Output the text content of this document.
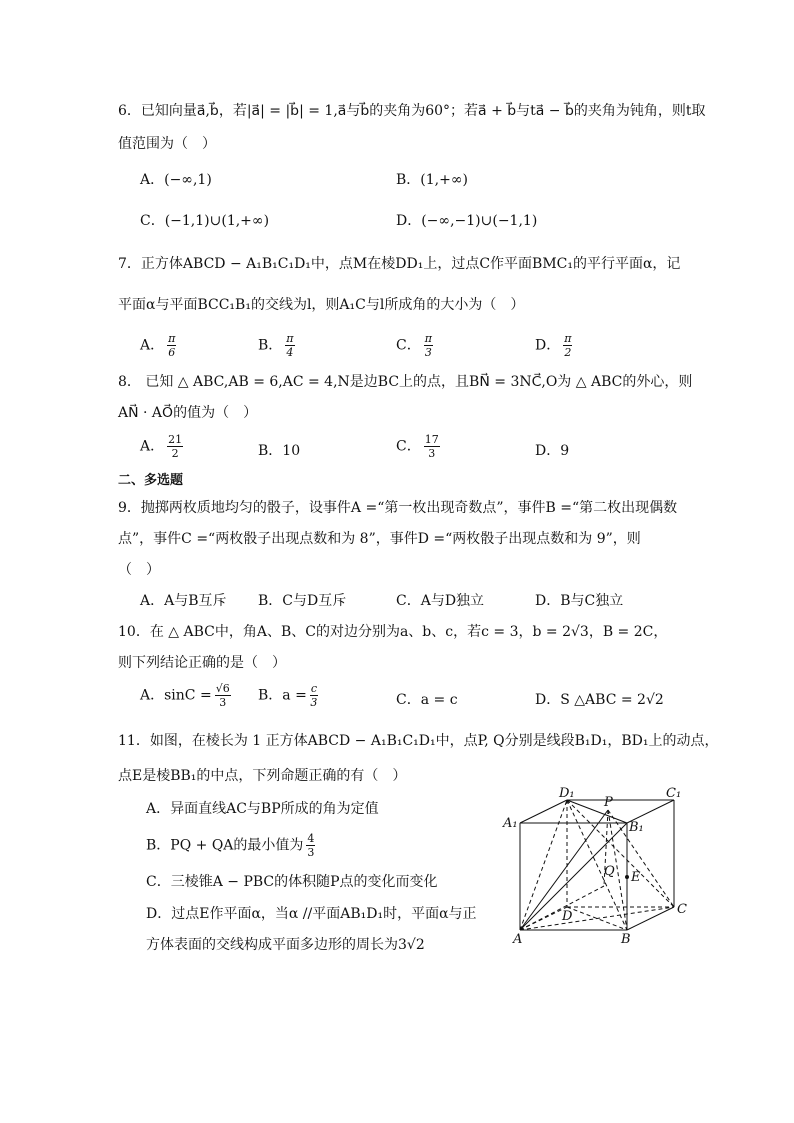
6．已知向量a⃗,b⃗，若|a⃗| = |b⃗| = 1,a⃗与b⃗的夹角为60°；若a⃗ + b⃗与ta⃗ − b⃗的夹角为钝角，则t取
值范围为（　）
A．(−∞,1)	B．(1,+∞)
C．(−1,1)∪(1,+∞)	D．(−∞,−1)∪(−1,1)
7．正方体ABCD − A₁B₁C₁D₁中，点M在棱DD₁上，过点C作平面BMC₁的平行平面α，记
平面α与平面BCC₁B₁的交线为l，则A₁C与l所成角的大小为（　）
A． $\frac{\pi}{6}$	B． $\frac{\pi}{4}$	C． $\frac{\pi}{3}$	D． $\frac{\pi}{2}$
8． 已知 △ ABC,AB = 6,AC = 4,N是边BC上的点，且BN⃗ = 3NC⃗,O为 △ ABC的外心，则
AN⃗ · AO⃗的值为（　）
A． $\frac{21}{2}$	B．10	C． $\frac{17}{3}$	D．9
二、多选题
9．抛掷两枚质地均匀的骰子，设事件A =“第一枚出现奇数点”，事件B =“第二枚出现偶数
点”，事件C =“两枚骰子出现点数和为 8”，事件D =“两枚骰子出现点数和为 9”，则
（　）
A．A与B互斥 B．C与D互斥	C．A与D独立	D．B与C独立
10．在 △ ABC中，角A、B、C的对边分别为a、b、c，若c = 3，b = 2√3，B = 2C，
则下列结论正确的是（　）
A．$\sin C = \frac{√6}{3}$ B．$a = \frac{c}{3}$	C．a = c	D．S △ABC = 2√2
11．如图，在棱长为 1 正方体ABCD − A₁B₁C₁D₁中，点P, Q分别是线段B₁D₁，BD₁上的动点，
点E是棱BB₁的中点，下列命题正确的有（　）
A．异面直线AC与BP所成的角为定值
B．PQ + QA的最小值为 $\frac{4}{3}$
C．三棱锥A − PBC的体积随P点的变化而变化
D．过点E作平面α，当α //平面AB₁D₁时，平面α与正
方体表面的交线构成平面多边形的周长为3√2
D₁	C₁
A₁	B₁
P
Q E
D	C
A	B
